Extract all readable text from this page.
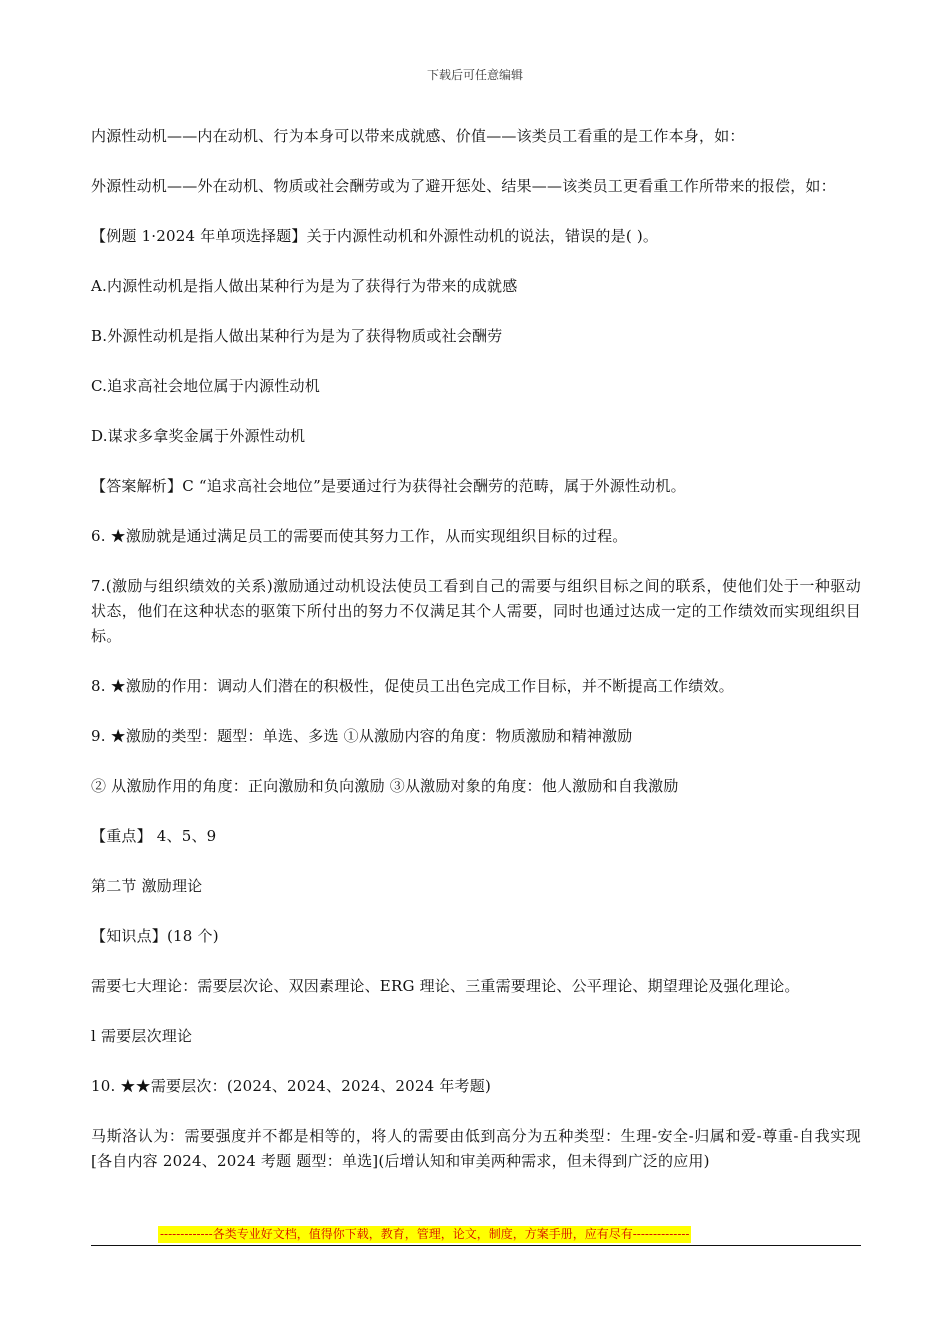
下载后可任意编辑

内源性动机——内在动机、行为本身可以带来成就感、价值——该类员工看重的是工作本身，如：

外源性动机——外在动机、物质或社会酬劳或为了避开惩处、结果——该类员工更看重工作所带来的报偿，如：

【例题 1·2024 年单项选择题】关于内源性动机和外源性动机的说法，错误的是( )。

A.内源性动机是指人做出某种行为是为了获得行为带来的成就感

B.外源性动机是指人做出某种行为是为了获得物质或社会酬劳

C.追求高社会地位属于内源性动机

D.谋求多拿奖金属于外源性动机

【答案解析】C “追求高社会地位”是要通过行为获得社会酬劳的范畴，属于外源性动机。

6. ★激励就是通过满足员工的需要而使其努力工作，从而实现组织目标的过程。

7.(激励与组织绩效的关系)激励通过动机设法使员工看到自己的需要与组织目标之间的联系，使他们处于一种驱动状态，他们在这种状态的驱策下所付出的努力不仅满足其个人需要，同时也通过达成一定的工作绩效而实现组织目标。

8. ★激励的作用：调动人们潜在的积极性，促使员工出色完成工作目标，并不断提高工作绩效。

9. ★激励的类型：题型：单选、多选 ①从激励内容的角度：物质激励和精神激励

② 从激励作用的角度：正向激励和负向激励 ③从激励对象的角度：他人激励和自我激励

【重点】 4、5、9

第二节 激励理论

【知识点】(18 个)

需要七大理论：需要层次论、双因素理论、ERG 理论、三重需要理论、公平理论、期望理论及强化理论。

l 需要层次理论

10. ★★需要层次：(2024、2024、2024、2024 年考题)

马斯洛认为：需要强度并不都是相等的，将人的需要由低到高分为五种类型：生理-安全-归属和爱-尊重-自我实现[各自内容 2024、2024 考题 题型：单选](后增认知和审美两种需求，但未得到广泛的应用)

-------------各类专业好文档，值得你下载，教育，管理，论文，制度，方案手册，应有尽有--------------
